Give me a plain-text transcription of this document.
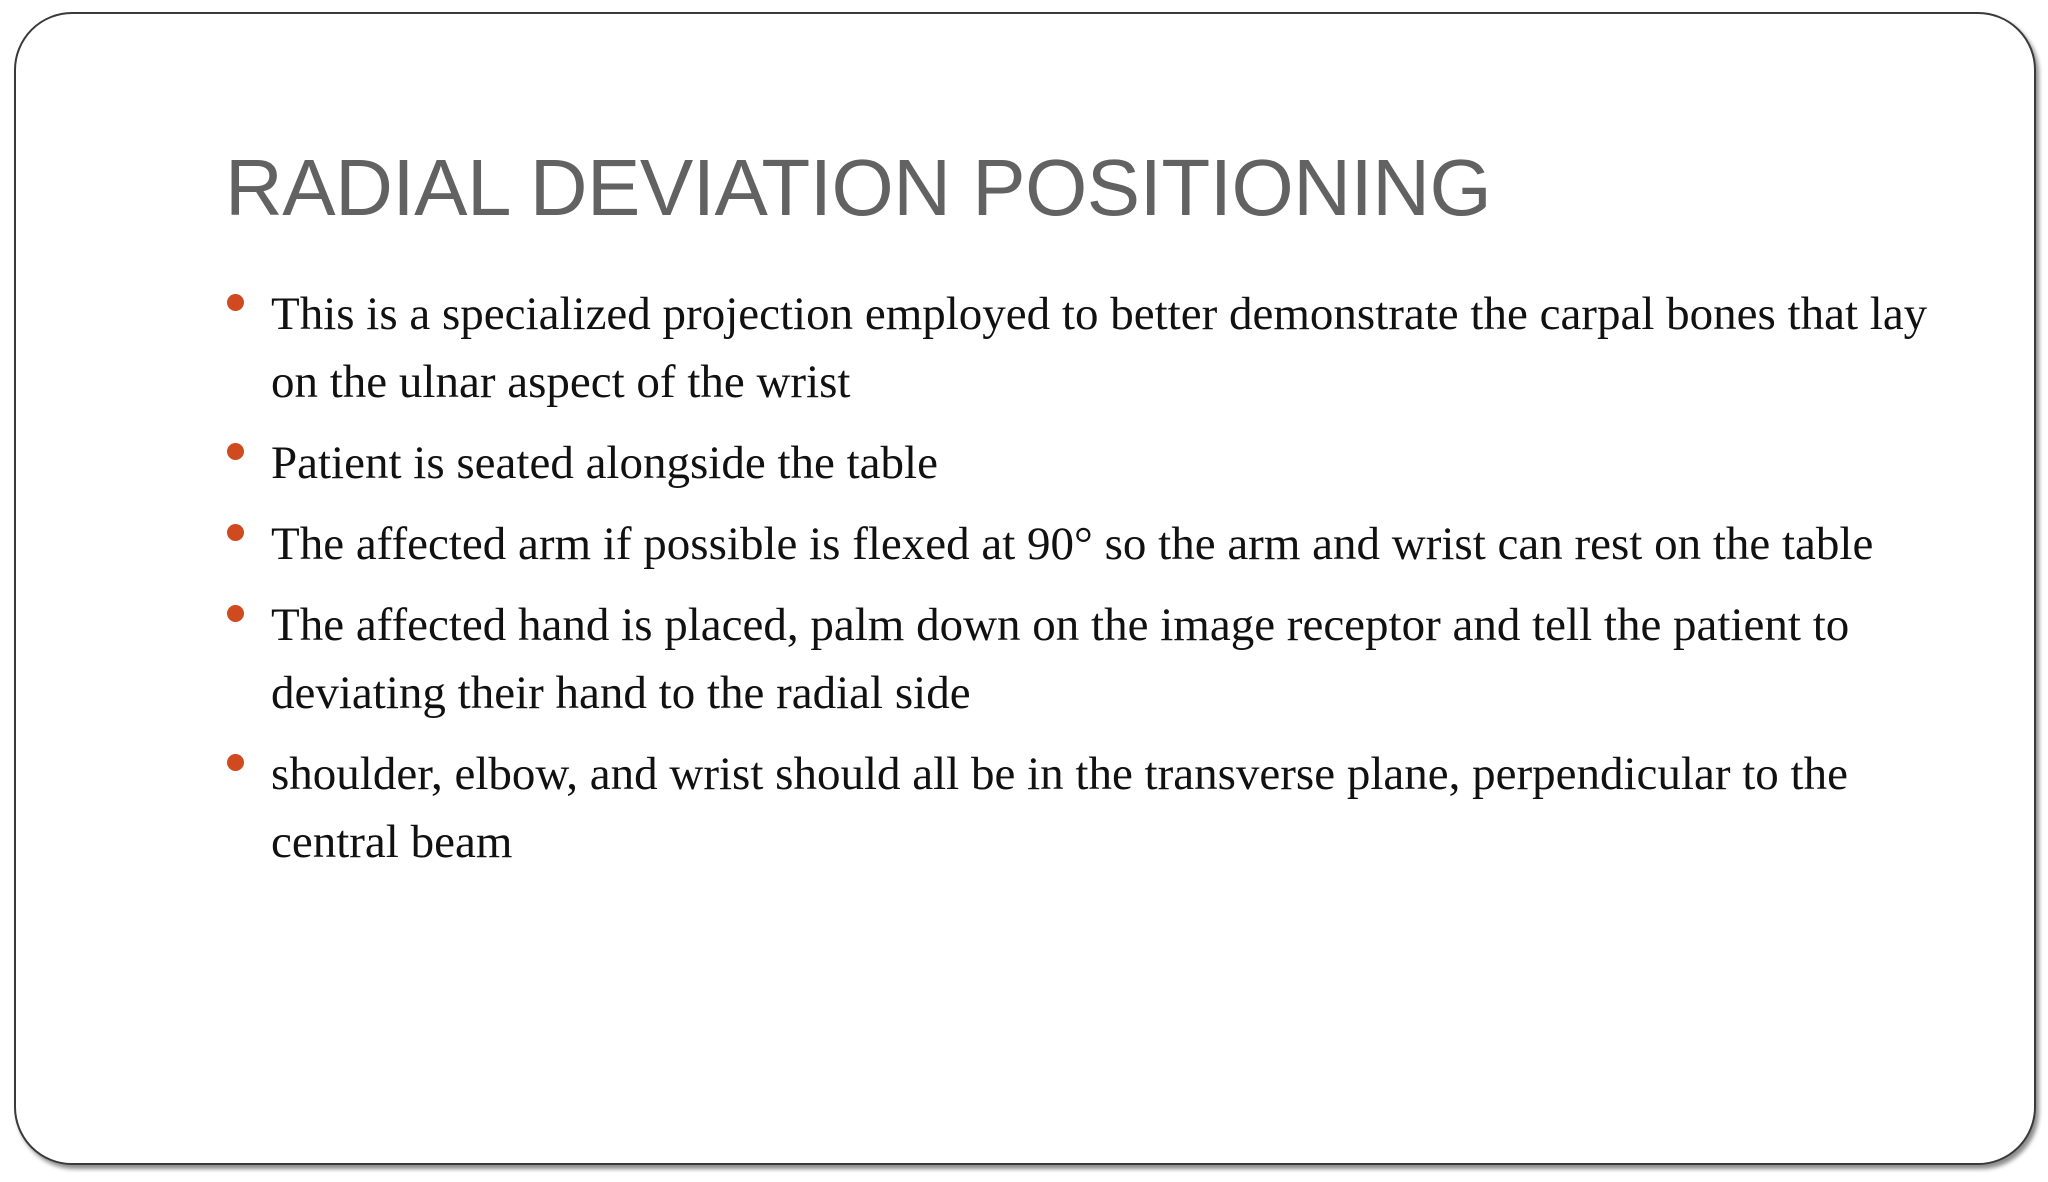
RADIAL DEVIATION POSITIONING
This is a specialized projection employed to better demonstrate the carpal bones that lay on the ulnar aspect of the wrist
Patient is seated alongside the table
The affected arm if possible is flexed at 90° so the arm and wrist can rest on the table
The affected hand is placed, palm down on the image receptor and tell the patient to deviating their hand to the radial side
shoulder, elbow, and wrist should all be in the transverse plane, perpendicular to the central beam
